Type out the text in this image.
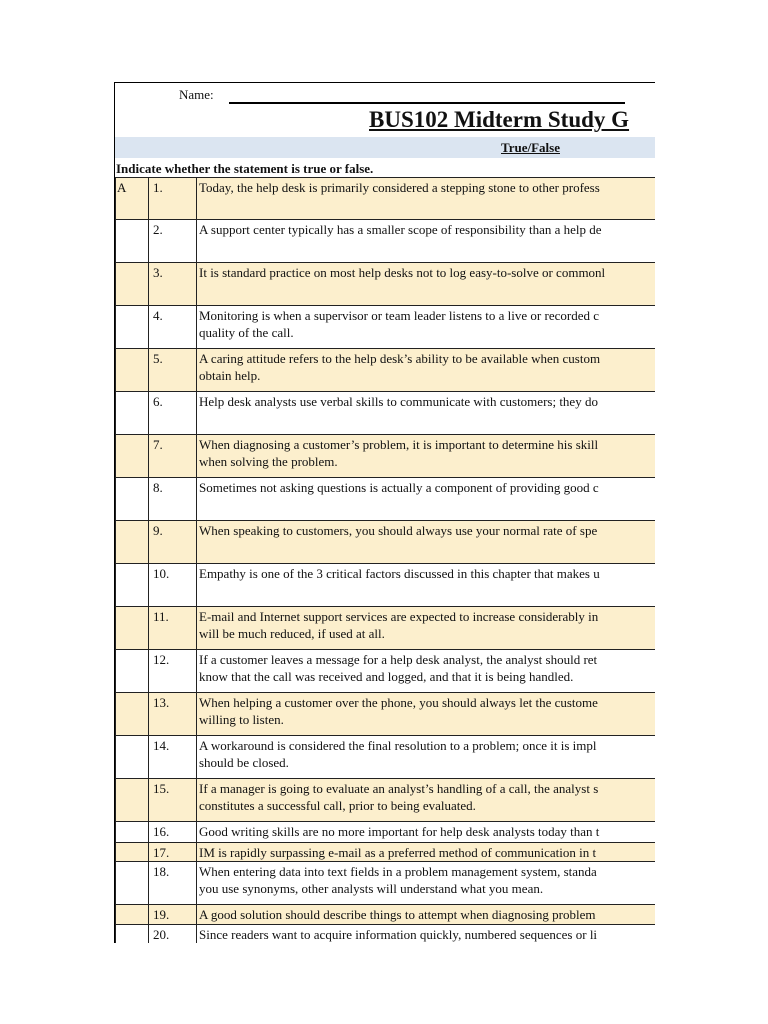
Name:
BUS102 Midterm Study G
True/False
Indicate whether the statement is true or false.
A	1.	Today, the help desk is primarily considered a stepping stone to other profess

	2.	A support center typically has a smaller scope of responsibility than a help de

	3.	It is standard practice on most help desks not to log easy-to-solve or commonl

	4.	Monitoring is when a supervisor or team leader listens to a live or recorded c
quality of the call.

	5.	A caring attitude refers to the help desk’s ability to be available when custom
obtain help.

	6.	Help desk analysts use verbal skills to communicate with customers; they do

	7.	When diagnosing a customer’s problem, it is important to determine his skill
when solving the problem.

	8.	Sometimes not asking questions is actually a component of providing good c

	9.	When speaking to customers, you should always use your normal rate of spe

	10.	Empathy is one of the 3 critical factors discussed in this chapter that makes u

	11.	E-mail and Internet support services are expected to increase considerably in
will be much reduced, if used at all.

	12.	If a customer leaves a message for a help desk analyst, the analyst should ret
know that the call was received and logged, and that it is being handled.

	13.	When helping a customer over the phone, you should always let the custome
willing to listen.

	14.	A workaround is considered the final resolution to a problem; once it is impl
should be closed.

	15.	If a manager is going to evaluate an analyst’s handling of a call, the analyst s
constitutes a successful call, prior to being evaluated.

	16.	Good writing skills are no more important for help desk analysts today than t

	17.	IM is rapidly surpassing e-mail as a preferred method of communication in t

	18.	When entering data into text fields in a problem management system, standa
you use synonyms, other analysts will understand what you mean.

	19.	A good solution should describe things to attempt when diagnosing problem

	20.	Since readers want to acquire information quickly, numbered sequences or li
